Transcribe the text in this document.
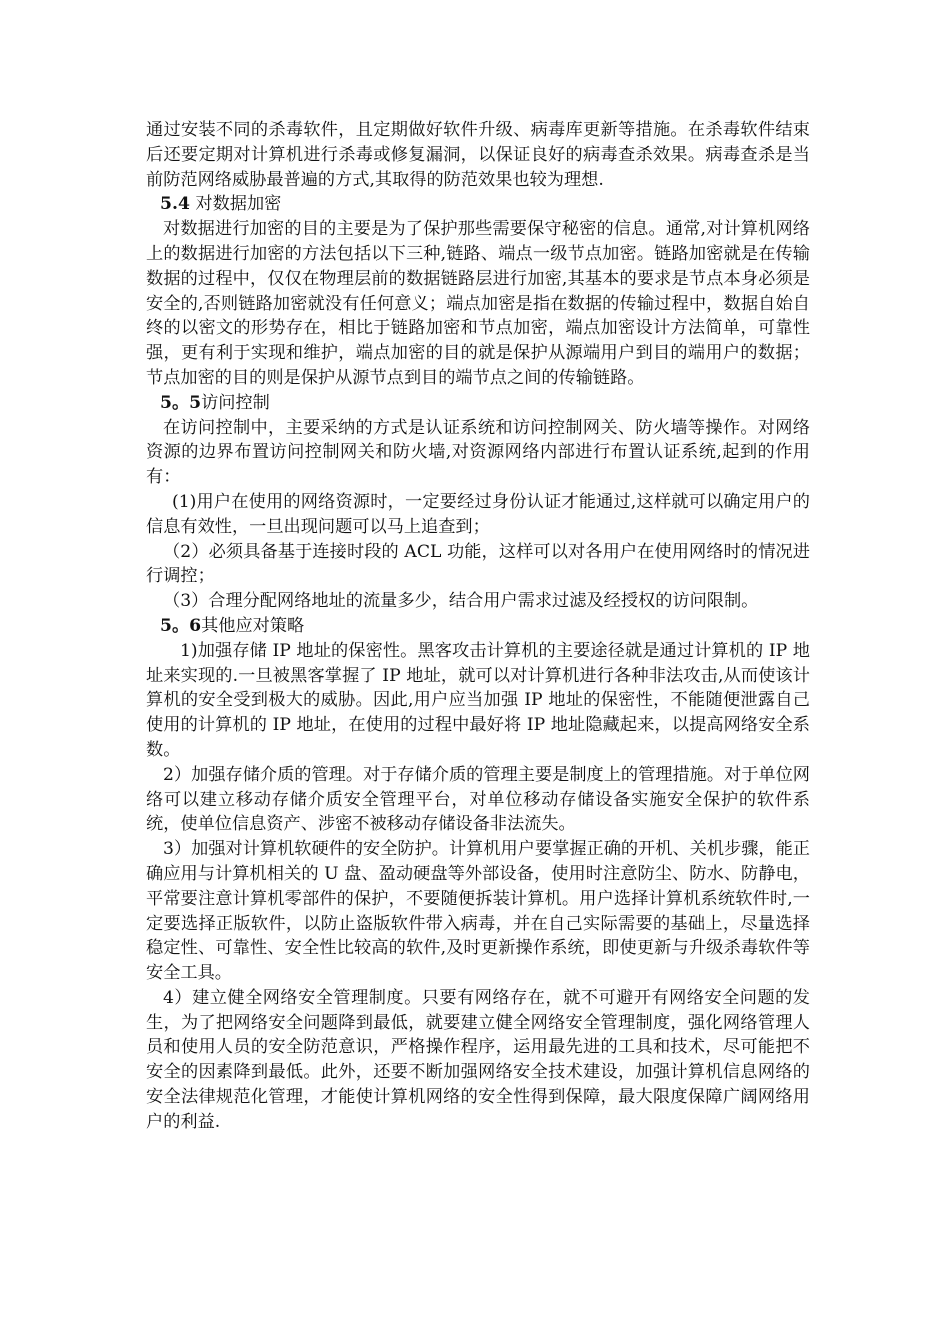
通过安装不同的杀毒软件，且定期做好软件升级、病毒库更新等措施。在杀毒软件结束后还要定期对计算机进行杀毒或修复漏洞，以保证良好的病毒查杀效果。病毒查杀是当前防范网络威胁最普遍的方式,其取得的防范效果也较为理想.

5.4 对数据加密

对数据进行加密的目的主要是为了保护那些需要保守秘密的信息。通常,对计算机网络上的数据进行加密的方法包括以下三种,链路、端点一级节点加密。链路加密就是在传输数据的过程中，仅仅在物理层前的数据链路层进行加密,其基本的要求是节点本身必须是安全的,否则链路加密就没有任何意义；端点加密是指在数据的传输过程中，数据自始自终的以密文的形势存在，相比于链路加密和节点加密，端点加密设计方法简单，可靠性强，更有利于实现和维护，端点加密的目的就是保护从源端用户到目的端用户的数据；节点加密的目的则是保护从源节点到目的端节点之间的传输链路。

5。5访问控制

在访问控制中，主要采纳的方式是认证系统和访问控制网关、防火墙等操作。对网络资源的边界布置访问控制网关和防火墙,对资源网络内部进行布置认证系统,起到的作用有：

(1)用户在使用的网络资源时，一定要经过身份认证才能通过,这样就可以确定用户的信息有效性，一旦出现问题可以马上追查到；

（2）必须具备基于连接时段的 ACL 功能，这样可以对各用户在使用网络时的情况进行调控；

（3）合理分配网络地址的流量多少，结合用户需求过滤及经授权的访问限制。

5。6其他应对策略

1)加强存储 IP 地址的保密性。黑客攻击计算机的主要途径就是通过计算机的 IP 地址来实现的.一旦被黑客掌握了 IP 地址，就可以对计算机进行各种非法攻击,从而使该计算机的安全受到极大的威胁。因此,用户应当加强 IP 地址的保密性，不能随便泄露自己使用的计算机的 IP 地址，在使用的过程中最好将 IP 地址隐藏起来，以提高网络安全系数。

2）加强存储介质的管理。对于存储介质的管理主要是制度上的管理措施。对于单位网络可以建立移动存储介质安全管理平台，对单位移动存储设备实施安全保护的软件系统，使单位信息资产、涉密不被移动存储设备非法流失。

3）加强对计算机软硬件的安全防护。计算机用户要掌握正确的开机、关机步骤，能正确应用与计算机相关的 U 盘、盈动硬盘等外部设备，使用时注意防尘、防水、防静电，平常要注意计算机零部件的保护，不要随便拆装计算机。用户选择计算机系统软件时,一定要选择正版软件，以防止盗版软件带入病毒，并在自己实际需要的基础上，尽量选择稳定性、可靠性、安全性比较高的软件,及时更新操作系统，即使更新与升级杀毒软件等安全工具。

4）建立健全网络安全管理制度。只要有网络存在，就不可避开有网络安全问题的发生，为了把网络安全问题降到最低，就要建立健全网络安全管理制度，强化网络管理人员和使用人员的安全防范意识，严格操作程序，运用最先进的工具和技术，尽可能把不安全的因素降到最低。此外，还要不断加强网络安全技术建设，加强计算机信息网络的安全法律规范化管理，才能使计算机网络的安全性得到保障，最大限度保障广阔网络用户的利益.
